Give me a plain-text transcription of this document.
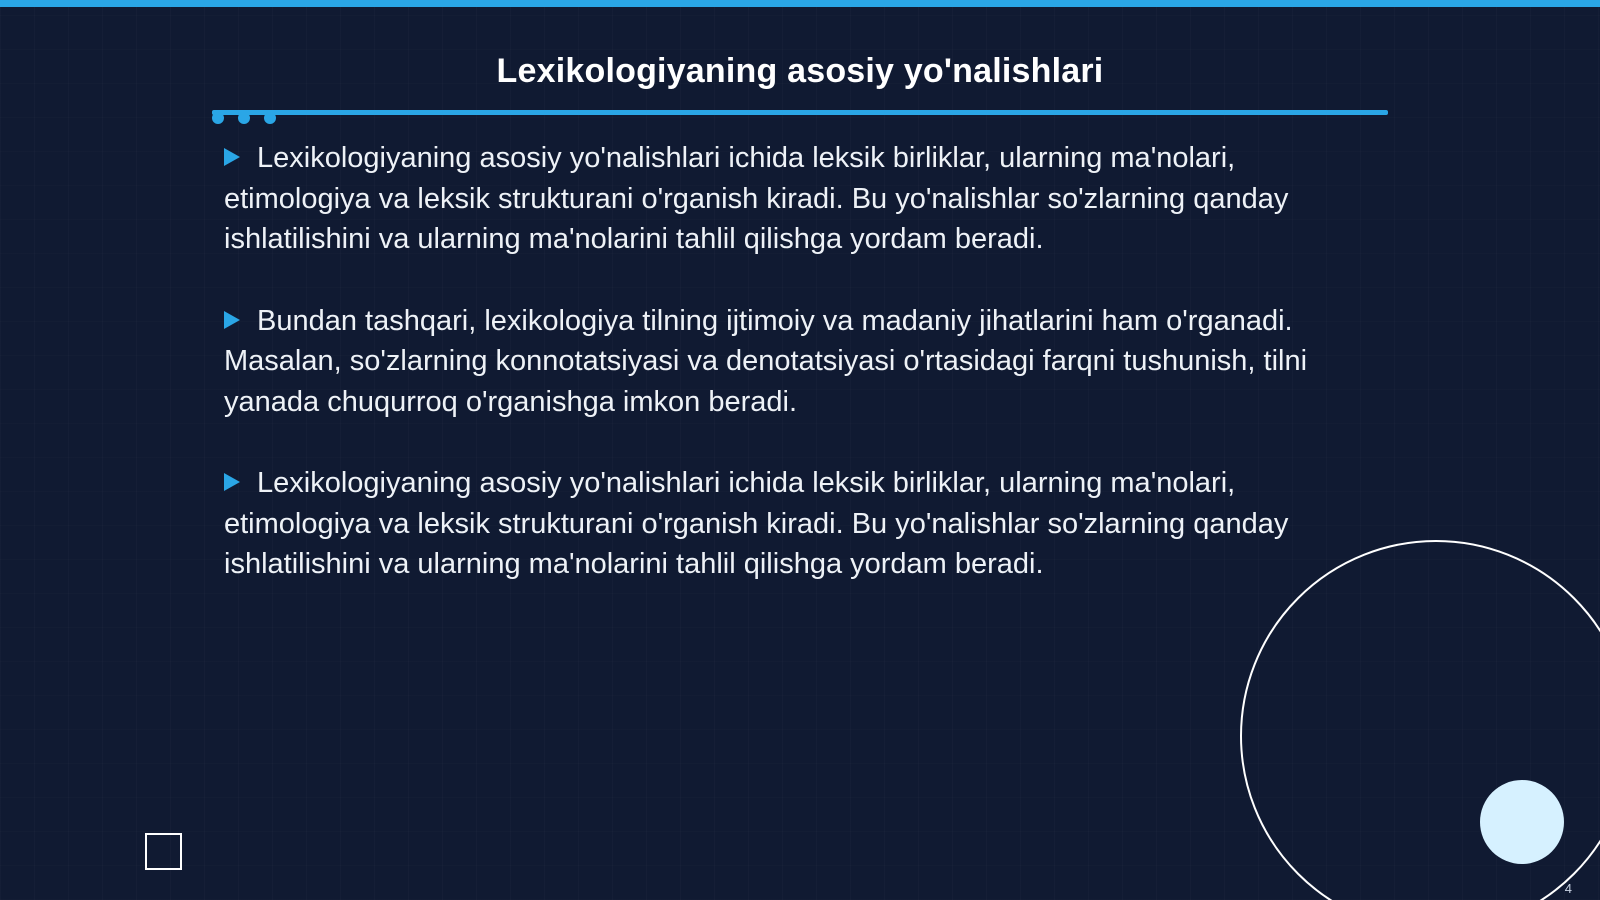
Lexikologiyaning asosiy yo'nalishlari

Lexikologiyaning asosiy yo'nalishlari ichida leksik birliklar, ularning ma'nolari, etimologiya va leksik strukturani o'rganish kiradi. Bu yo'nalishlar so'zlarning qanday ishlatilishini va ularning ma'nolarini tahlil qilishga yordam beradi.

Bundan tashqari, lexikologiya tilning ijtimoiy va madaniy jihatlarini ham o'rganadi. Masalan, so'zlarning konnotatsiyasi va denotatsiyasi o'rtasidagi farqni tushunish, tilni yanada chuqurroq o'rganishga imkon beradi.

Lexikologiyaning asosiy yo'nalishlari ichida leksik birliklar, ularning ma'nolari, etimologiya va leksik strukturani o'rganish kiradi. Bu yo'nalishlar so'zlarning qanday ishlatilishini va ularning ma'nolarini tahlil qilishga yordam beradi.

4
